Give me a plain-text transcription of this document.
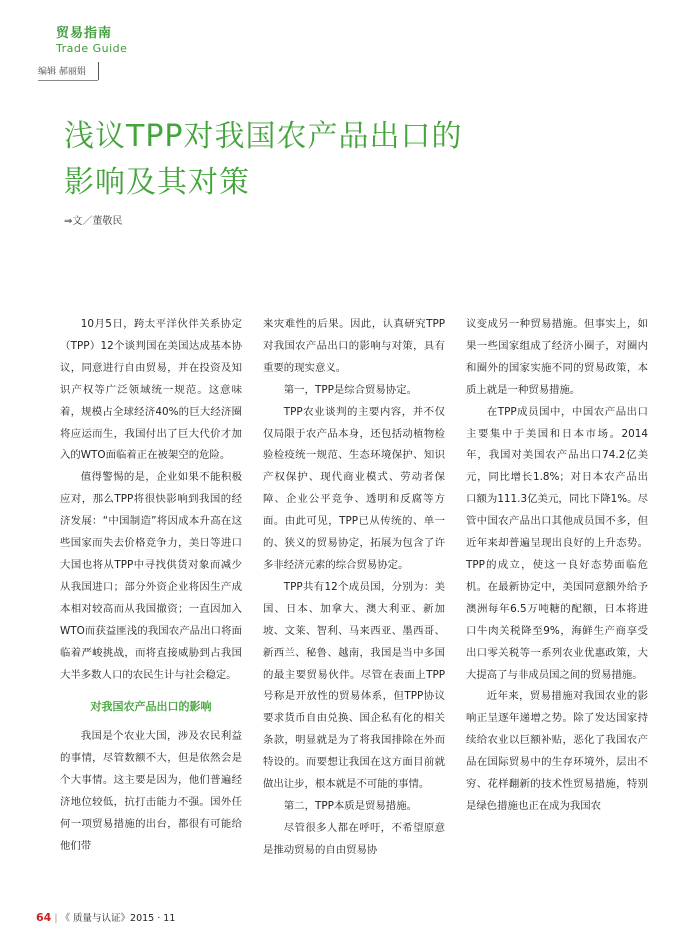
贸易指南
Trade Guide
编辑 郝丽娟
浅议TPP对我国农产品出口的
影响及其对策
⇒文／董敬民

10月5日，跨太平洋伙伴关系协定（TPP）12个谈判国在美国达成基本协议，同意进行自由贸易，并在投资及知识产权等广泛领域统一规范。这意味着，规模占全球经济40%的巨大经济圈将应运而生，我国付出了巨大代价才加入的WTO面临着正在被架空的危险。

值得警惕的是，企业如果不能积极应对，那么TPP将很快影响到我国的经济发展：“中国制造”将因成本升高在这些国家而失去价格竞争力，美日等进口大国也将从TPP中寻找供货对象而减少从我国进口；部分外资企业将因生产成本相对较高而从我国撤资；一直因加入WTO而获益匪浅的我国农产品出口将面临着严峻挑战，而将直接威胁到占我国大半多数人口的农民生计与社会稳定。

对我国农产品出口的影响

我国是个农业大国，涉及农民利益的事情，尽管数额不大，但是依然会是个大事情。这主要是因为，他们普遍经济地位较低，抗打击能力不强。国外任何一项贸易措施的出台，都很有可能给他们带

来灾难性的后果。因此，认真研究TPP对我国农产品出口的影响与对策，具有重要的现实意义。

第一，TPP是综合贸易协定。

TPP农业谈判的主要内容，并不仅仅局限于农产品本身，还包括动植物检验检疫统一规范、生态环境保护、知识产权保护、现代商业模式、劳动者保障、企业公平竞争、透明和反腐等方面。由此可见，TPP已从传统的、单一的、狭义的贸易协定，拓展为包含了许多非经济元素的综合贸易协定。

TPP共有12个成员国，分别为：美国、日本、加拿大、澳大利亚、新加坡、文莱、智利、马来西亚、墨西哥、新西兰、秘鲁、越南，我国是当中多国的最主要贸易伙伴。尽管在表面上TPP 号称是开放性的贸易体系，但TPP协议要求货币自由兑换、国企私有化的相关条款，明显就是为了将我国排除在外而特设的。而要想让我国在这方面目前就做出让步，根本就是不可能的事情。

第二，TPP本质是贸易措施。

尽管很多人都在呼吁，不希望原意是推动贸易的自由贸易协

议变成另一种贸易措施。但事实上，如果一些国家组成了经济小圈子，对圈内和圈外的国家实施不同的贸易政策，本质上就是一种贸易措施。

在TPP成员国中，中国农产品出口主要集中于美国和日本市场。2014年，我国对美国农产品出口74.2亿美元，同比增长1.8%；对日本农产品出口额为111.3亿美元，同比下降1%。尽管中国农产品出口其他成员国不多，但近年来却普遍呈现出良好的上升态势。TPP的成立，使这一良好态势面临危机。在最新协定中，美国同意额外给予澳洲每年6.5万吨糖的配额，日本将进口牛肉关税降至9%，海鲜生产商享受出口零关税等一系列农业优惠政策，大大提高了与非成员国之间的贸易措施。

近年来，贸易措施对我国农业的影响正呈逐年递增之势。除了发达国家持续给农业以巨额补贴，恶化了我国农产品在国际贸易中的生存环境外，层出不穷、花样翻新的技术性贸易措施，特别是绿色措施也正在成为我国农

64 | 《 质量与认证》2015 · 11
